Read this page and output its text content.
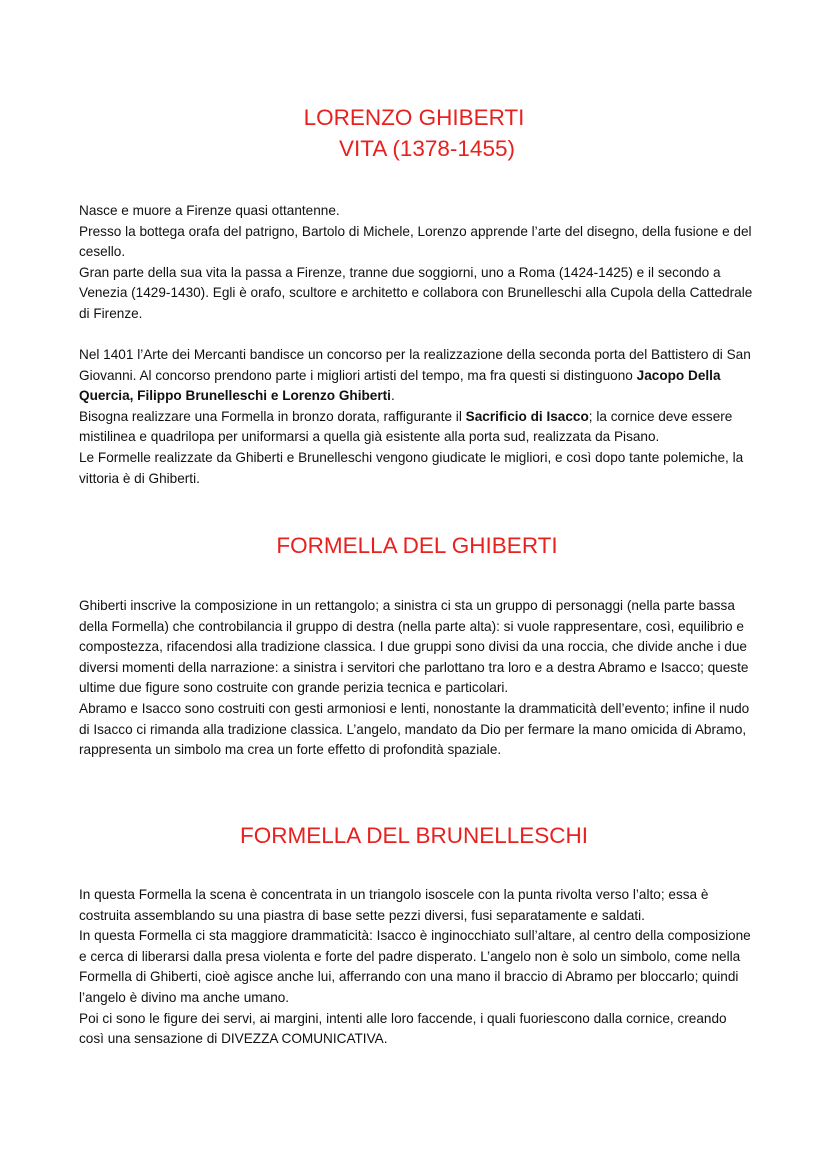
LORENZO GHIBERTI
VITA (1378-1455)

Nasce e muore a Firenze quasi ottantenne.

Presso la bottega orafa del patrigno, Bartolo di Michele, Lorenzo apprende l’arte del disegno, della fusione e del cesello.

Gran parte della sua vita la passa a Firenze, tranne due soggiorni, uno a Roma (1424-1425) e il secondo a Venezia (1429-1430). Egli è orafo, scultore e architetto e collabora con Brunelleschi alla Cupola della Cattedrale di Firenze.

Nel 1401 l’Arte dei Mercanti bandisce un concorso per la realizzazione della seconda porta del Battistero di San Giovanni. Al concorso prendono parte i migliori artisti del tempo, ma fra questi si distinguono Jacopo Della Quercia, Filippo Brunelleschi e Lorenzo Ghiberti.

Bisogna realizzare una Formella in bronzo dorata, raffigurante il Sacrificio di Isacco; la cornice deve essere mistilinea e quadrilopa per uniformarsi a quella già esistente alla porta sud, realizzata da Pisano.

Le Formelle realizzate da Ghiberti e Brunelleschi vengono giudicate le migliori, e così dopo tante polemiche, la vittoria è di Ghiberti.

FORMELLA DEL GHIBERTI

Ghiberti inscrive la composizione in un rettangolo; a sinistra ci sta un gruppo di personaggi (nella parte bassa della Formella) che controbilancia il gruppo di destra (nella parte alta): si vuole rappresentare, così, equilibrio e compostezza, rifacendosi alla tradizione classica. I due gruppi sono divisi da una roccia, che divide anche i due diversi momenti della narrazione: a sinistra i servitori che parlottano tra loro e a destra Abramo e Isacco; queste ultime due figure sono costruite con grande perizia tecnica e particolari.

Abramo e Isacco sono costruiti con gesti armoniosi e lenti, nonostante la drammaticità dell’evento; infine il nudo di Isacco ci rimanda alla tradizione classica. L’angelo, mandato da Dio per fermare la mano omicida di Abramo, rappresenta un simbolo ma crea un forte effetto di profondità spaziale.

FORMELLA DEL BRUNELLESCHI

In questa Formella la scena è concentrata in un triangolo isoscele con la punta rivolta verso l’alto; essa è costruita assemblando su una piastra di base sette pezzi diversi, fusi separatamente e saldati.

In questa Formella ci sta maggiore drammaticità: Isacco è inginocchiato sull’altare, al centro della composizione e cerca di liberarsi dalla presa violenta e forte del padre disperato. L’angelo non è solo un simbolo, come nella Formella di Ghiberti, cioè agisce anche lui, afferrando con una mano il braccio di Abramo per bloccarlo; quindi l’angelo è divino ma anche umano.

Poi ci sono le figure dei servi, ai margini, intenti alle loro faccende, i quali fuoriescono dalla cornice, creando così una sensazione di DIVEZZA COMUNICATIVA.
